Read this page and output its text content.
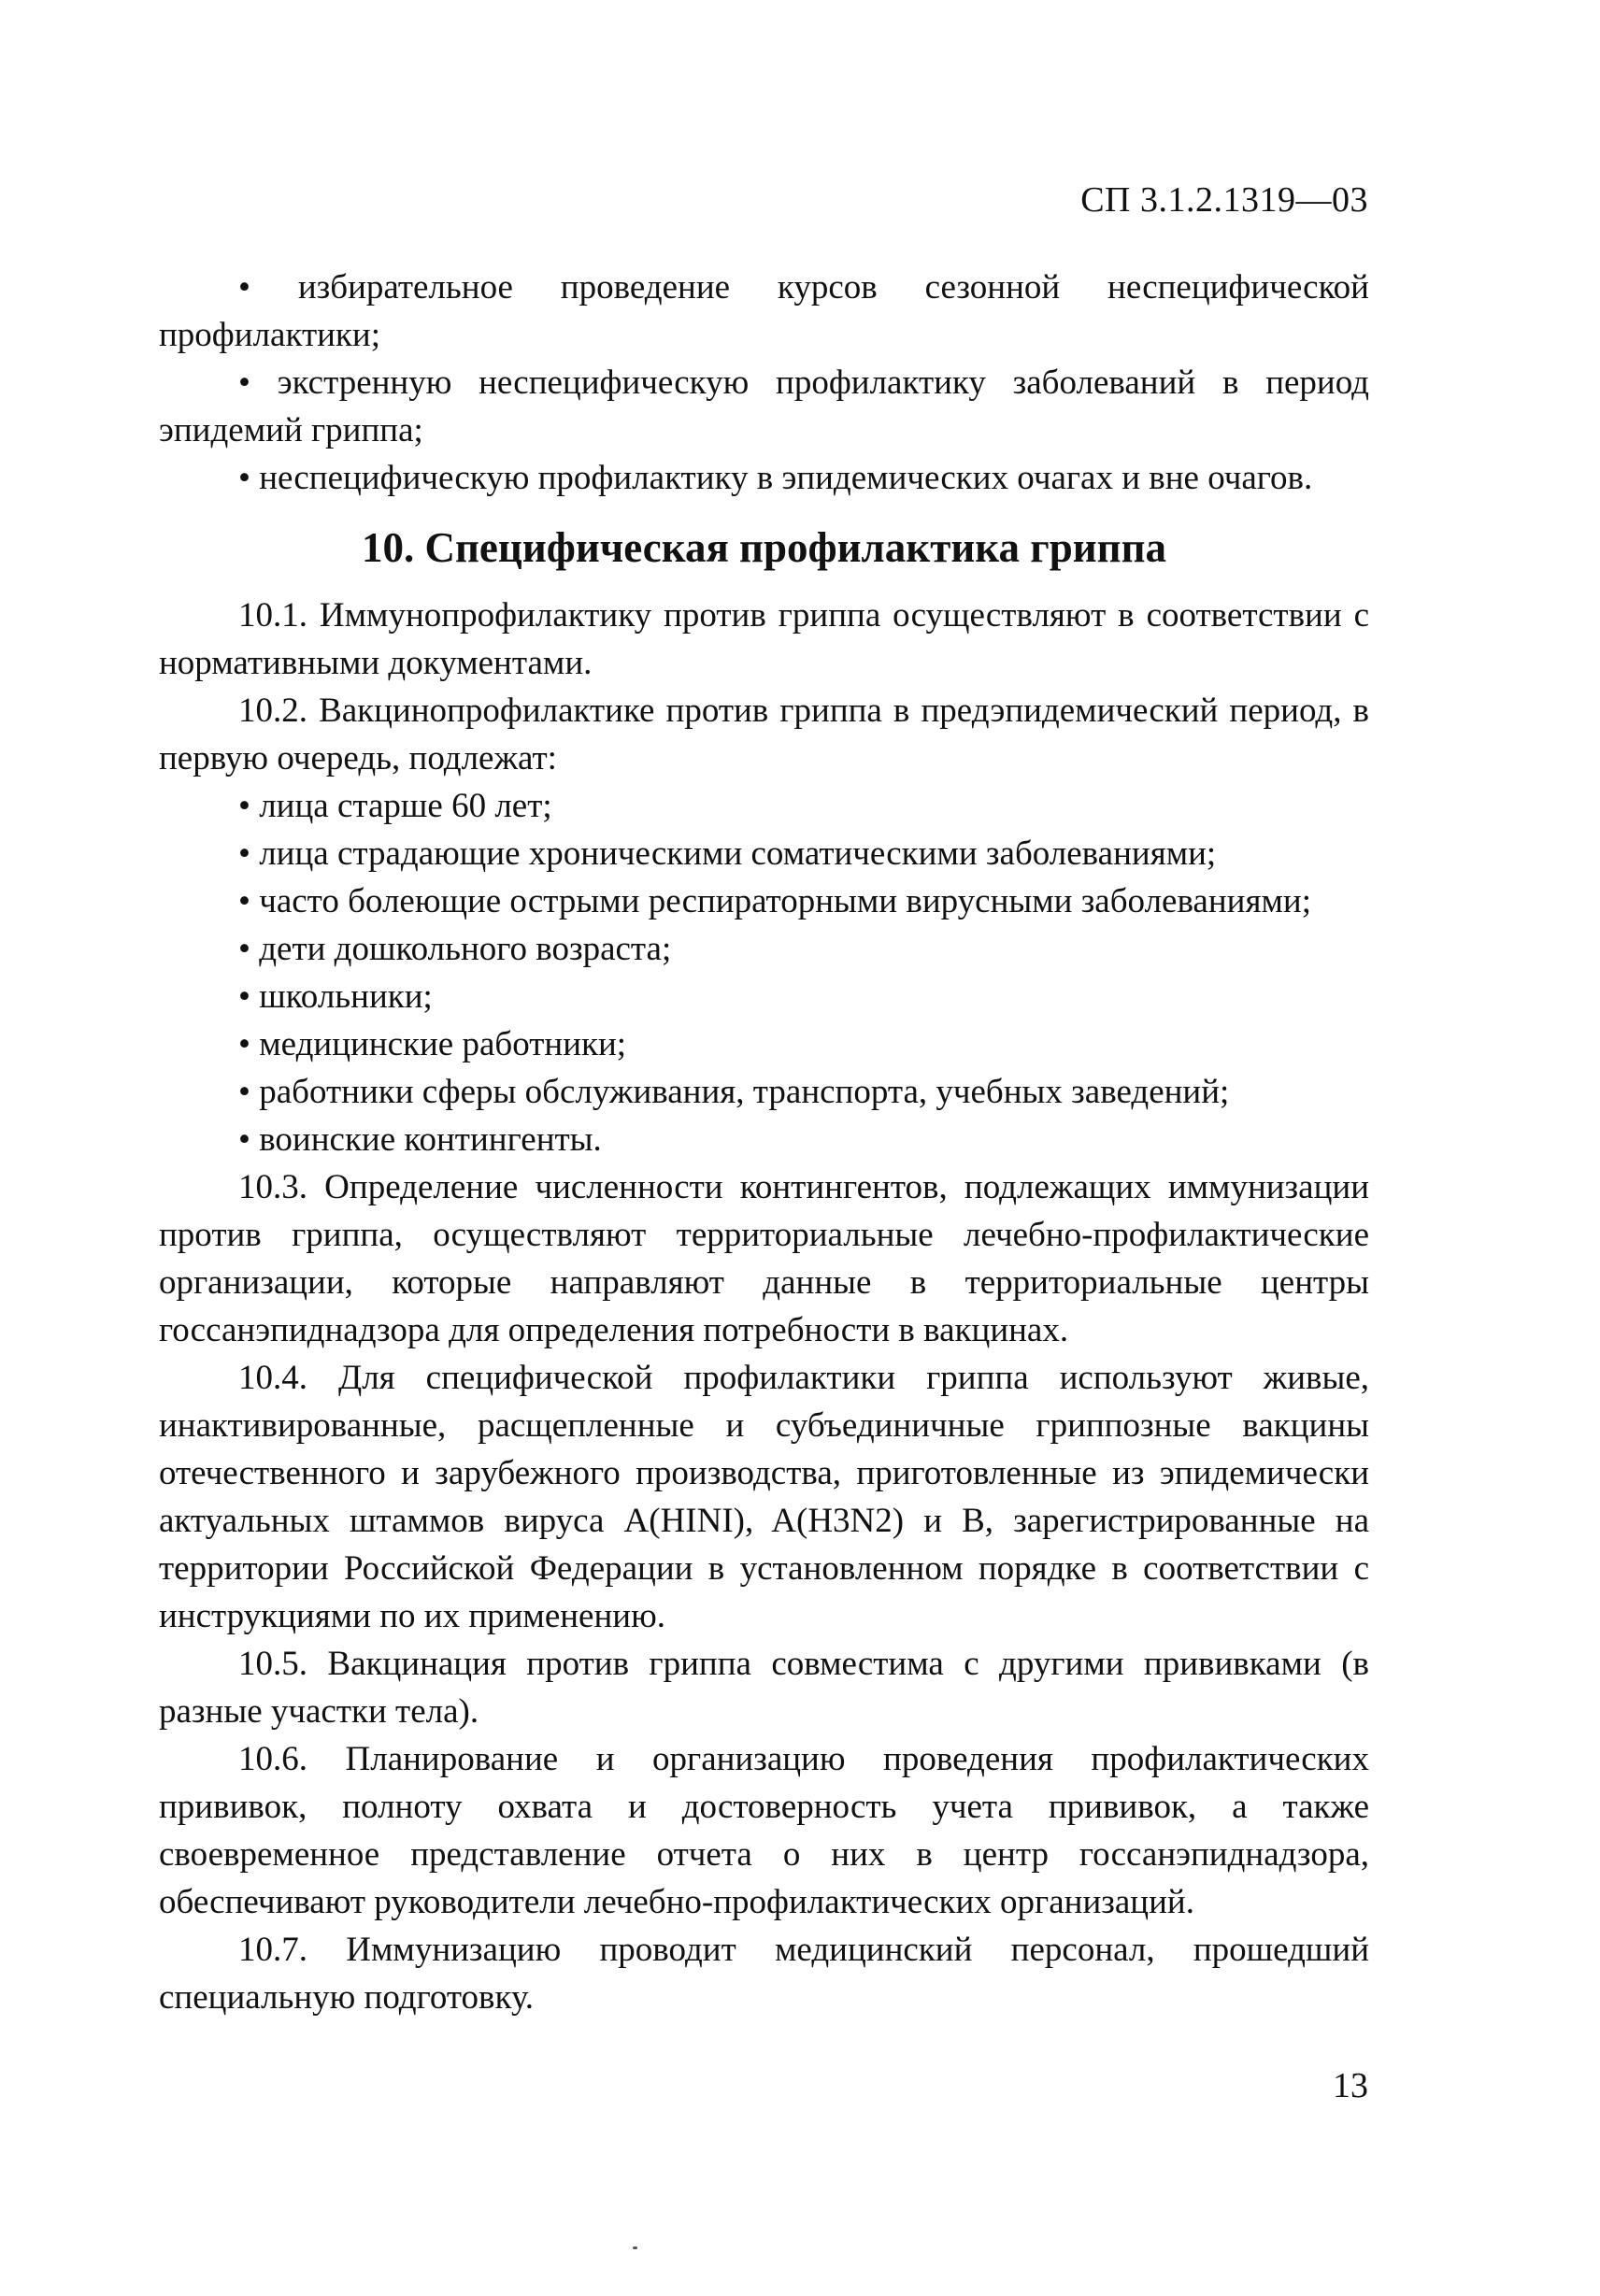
СП 3.1.2.1319—03

• избирательное проведение курсов сезонной неспецифической профилактики;

• экстренную неспецифическую профилактику заболеваний в период эпидемий гриппа;

• неспецифическую профилактику в эпидемических очагах и вне очагов.

10. Специфическая профилактика гриппа

10.1. Иммунопрофилактику против гриппа осуществляют в соответствии с нормативными документами.

10.2. Вакцинопрофилактике против гриппа в предэпидемический период, в первую очередь, подлежат:

• лица старше 60 лет;

• лица страдающие хроническими соматическими заболеваниями;

• часто болеющие острыми респираторными вирусными заболеваниями;

• дети дошкольного возраста;

• школьники;

• медицинские работники;

• работники сферы обслуживания, транспорта, учебных заведений;

• воинские контингенты.

10.3. Определение численности контингентов, подлежащих иммунизации против гриппа, осуществляют территориальные лечебно-профилактические организации, которые направляют данные в территориальные центры госсанэпиднадзора для определения потребности в вакцинах.

10.4. Для специфической профилактики гриппа используют живые, инактивированные, расщепленные и субъединичные гриппозные вакцины отечественного и зарубежного производства, приготовленные из эпидемически актуальных штаммов вируса A(HINI), A(H3N2) и В, зарегистрированные на территории Российской Федерации в установленном порядке в соответствии с инструкциями по их применению.

10.5. Вакцинация против гриппа совместима с другими прививками (в разные участки тела).

10.6. Планирование и организацию проведения профилактических прививок, полноту охвата и достоверность учета прививок, а также своевременное представление отчета о них в центр госсанэпиднадзора, обеспечивают руководители лечебно-профилактических организаций.

10.7. Иммунизацию проводит медицинский персонал, прошедший специальную подготовку.

13
